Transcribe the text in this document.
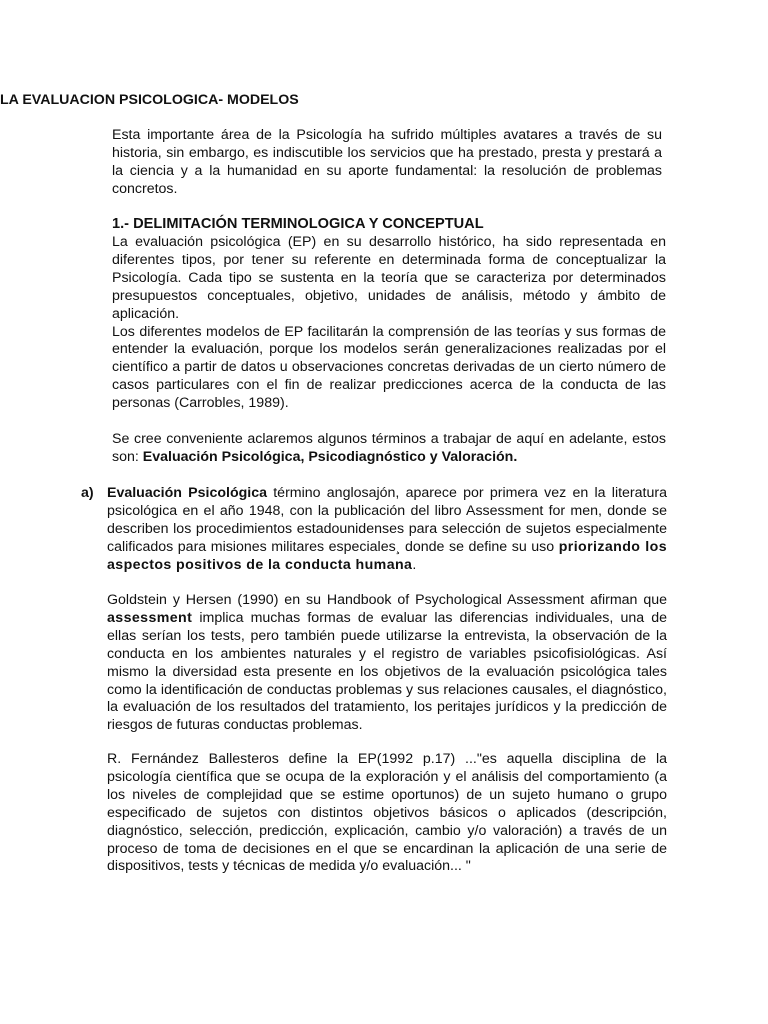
LA EVALUACION PSICOLOGICA- MODELOS

Esta importante área de la Psicología ha sufrido múltiples avatares a través de su historia, sin embargo, es indiscutible los servicios que ha prestado, presta y prestará a la ciencia y a la humanidad en su aporte fundamental: la resolución de problemas concretos.

1.- DELIMITACIÓN TERMINOLOGICA Y CONCEPTUAL
La evaluación psicológica (EP) en su desarrollo histórico, ha sido representada en diferentes tipos, por tener su referente en determinada forma de conceptualizar la Psicología. Cada tipo se sustenta en la teoría que se caracteriza por determinados presupuestos conceptuales, objetivo, unidades de análisis, método y ámbito de aplicación.
Los diferentes modelos de EP facilitarán la comprensión de las teorías y sus formas de entender la evaluación, porque los modelos serán generalizaciones realizadas por el científico a partir de datos u observaciones concretas derivadas de un cierto número de casos particulares con el fin de realizar predicciones acerca de la conducta de las personas (Carrobles, 1989).

Se cree conveniente aclaremos algunos términos a trabajar de aquí en adelante, estos son: Evaluación Psicológica, Psicodiagnóstico y Valoración.

a) Evaluación Psicológica término anglosajón, aparece por primera vez en la literatura psicológica en el año 1948, con la publicación del libro Assessment for men, donde se describen los procedimientos estadounidenses para selección de sujetos especialmente calificados para misiones militares especiales¸ donde se define su uso priorizando los aspectos positivos de la conducta humana.

Goldstein y Hersen (1990) en su Handbook of Psychological Assessment afirman que assessment implica muchas formas de evaluar las diferencias individuales, una de ellas serían los tests, pero también puede utilizarse la entrevista, la observación de la conducta en los ambientes naturales y el registro de variables psicofisiológicas. Así mismo la diversidad esta presente en los objetivos de la evaluación psicológica tales como la identificación de conductas problemas y sus relaciones causales, el diagnóstico, la evaluación de los resultados del tratamiento, los peritajes jurídicos y la predicción de riesgos de futuras conductas problemas.

R. Fernández Ballesteros define la EP(1992 p.17) ..."es aquella disciplina de la psicología científica que se ocupa de la exploración y el análisis del comportamiento (a los niveles de complejidad que se estime oportunos) de un sujeto humano o grupo especificado de sujetos con distintos objetivos básicos o aplicados (descripción, diagnóstico, selección, predicción, explicación, cambio y/o valoración) a través de un proceso de toma de decisiones en el que se encardinan la aplicación de una serie de dispositivos, tests y técnicas de medida y/o evaluación... "
